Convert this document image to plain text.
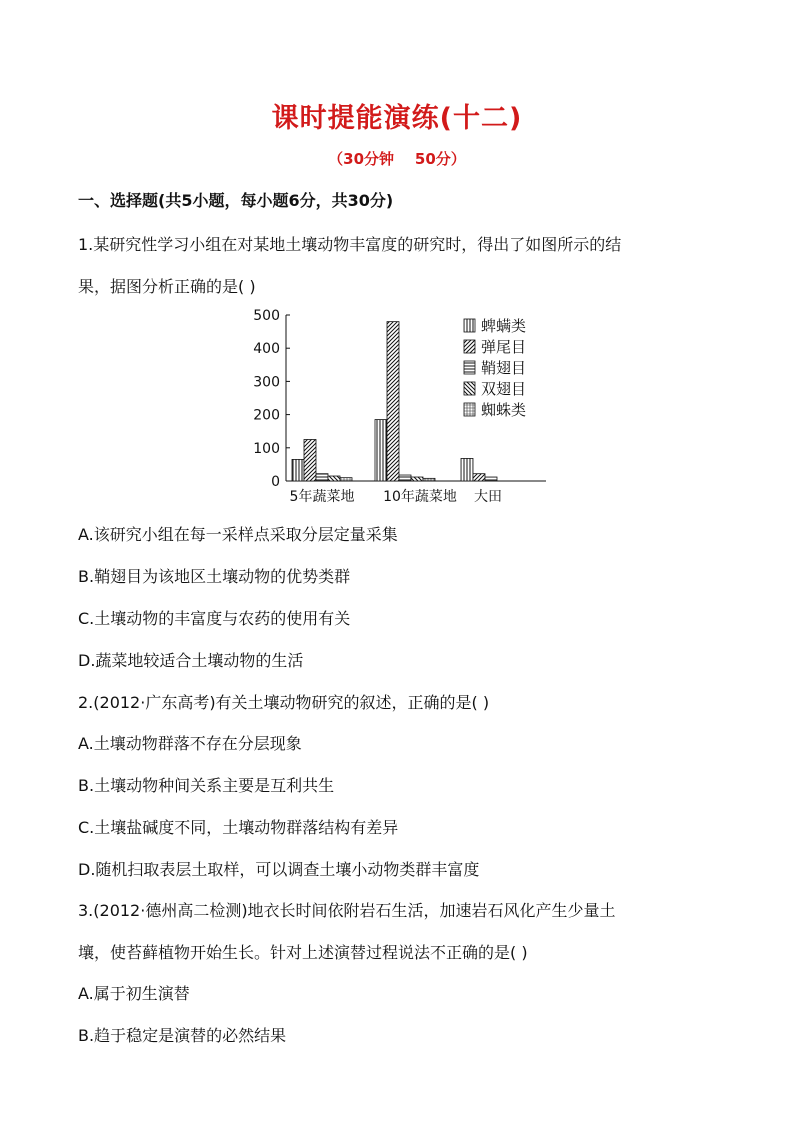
课时提能演练(十二)
（30分钟    50分）
一、选择题(共5小题，每小题6分，共30分)
1.某研究性学习小组在对某地土壤动物丰富度的研究时，得出了如图所示的结
果，据图分析正确的是( )
0
100
200
300
400
500
5年蔬菜地 10年蔬菜地 大田
蜱螨类
弹尾目
鞘翅目
双翅目
蜘蛛类
A.该研究小组在每一采样点采取分层定量采集
B.鞘翅目为该地区土壤动物的优势类群
C.土壤动物的丰富度与农药的使用有关
D.蔬菜地较适合土壤动物的生活
2.(2012·广东高考)有关土壤动物研究的叙述，正确的是( )
A.土壤动物群落不存在分层现象
B.土壤动物种间关系主要是互利共生
C.土壤盐碱度不同，土壤动物群落结构有差异
D.随机扫取表层土取样，可以调查土壤小动物类群丰富度
3.(2012·德州高二检测)地衣长时间依附岩石生活，加速岩石风化产生少量土
壤，使苔藓植物开始生长。针对上述演替过程说法不正确的是( )
A.属于初生演替
B.趋于稳定是演替的必然结果
